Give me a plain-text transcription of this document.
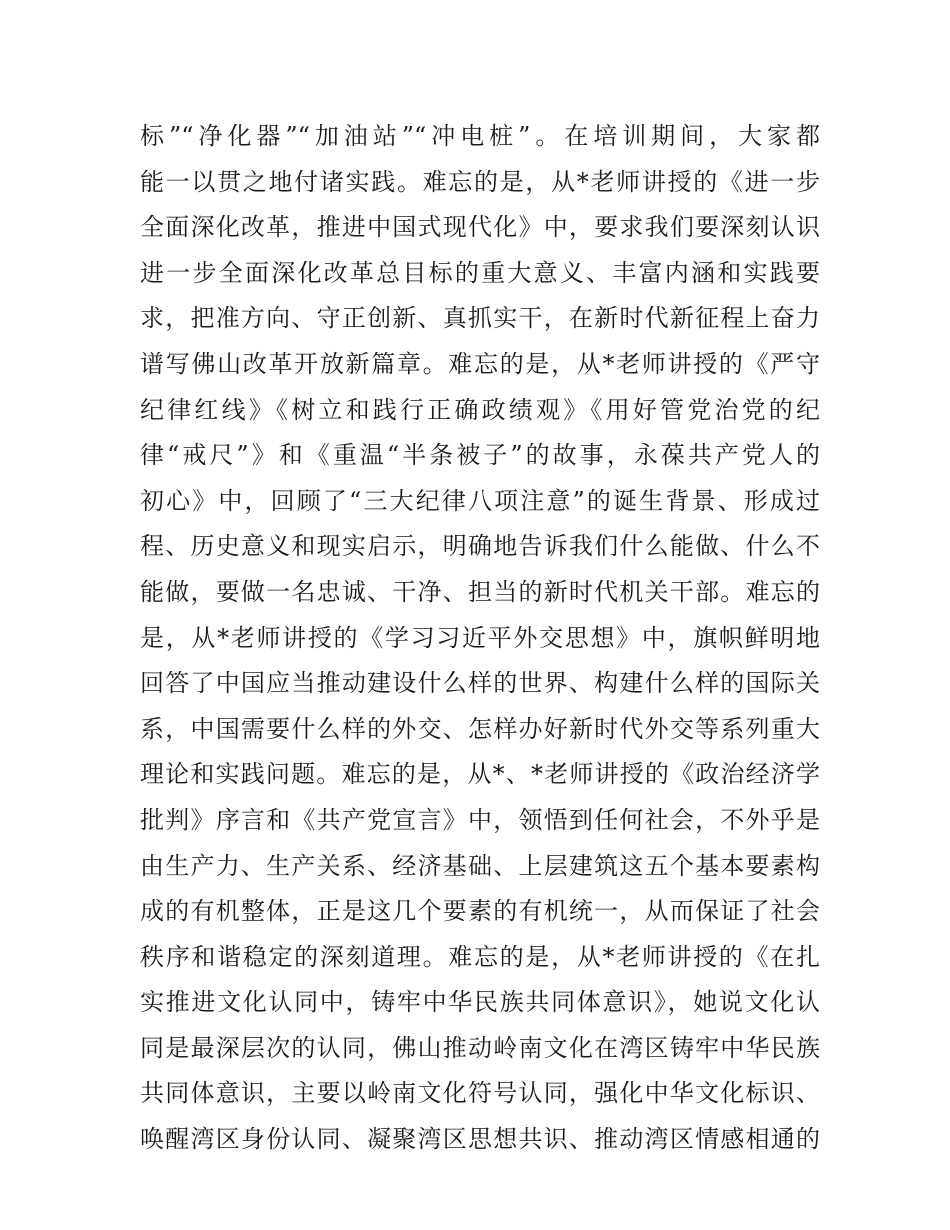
标”“净化器”“加油站”“冲电桩”。在培训期间，大家都
能一以贯之地付诸实践。难忘的是，从*老师讲授的《进一步
全面深化改革，推进中国式现代化》中，要求我们要深刻认识
进一步全面深化改革总目标的重大意义、丰富内涵和实践要
求，把准方向、守正创新、真抓实干，在新时代新征程上奋力
谱写佛山改革开放新篇章。难忘的是，从*老师讲授的《严守
纪律红线》《树立和践行正确政绩观》《用好管党治党的纪
律“戒尺”》和《重温“半条被子”的故事，永葆共产党人的
初心》中，回顾了“三大纪律八项注意”的诞生背景、形成过
程、历史意义和现实启示，明确地告诉我们什么能做、什么不
能做，要做一名忠诚、干净、担当的新时代机关干部。难忘的
是，从*老师讲授的《学习习近平外交思想》中，旗帜鲜明地
回答了中国应当推动建设什么样的世界、构建什么样的国际关
系，中国需要什么样的外交、怎样办好新时代外交等系列重大
理论和实践问题。难忘的是，从*、*老师讲授的《政治经济学
批判》序言和《共产党宣言》中，领悟到任何社会，不外乎是
由生产力、生产关系、经济基础、上层建筑这五个基本要素构
成的有机整体，正是这几个要素的有机统一，从而保证了社会
秩序和谐稳定的深刻道理。难忘的是，从*老师讲授的《在扎
实推进文化认同中，铸牢中华民族共同体意识》，她说文化认
同是最深层次的认同，佛山推动岭南文化在湾区铸牢中华民族
共同体意识，主要以岭南文化符号认同，强化中华文化标识、
唤醒湾区身份认同、凝聚湾区思想共识、推动湾区情感相通的
